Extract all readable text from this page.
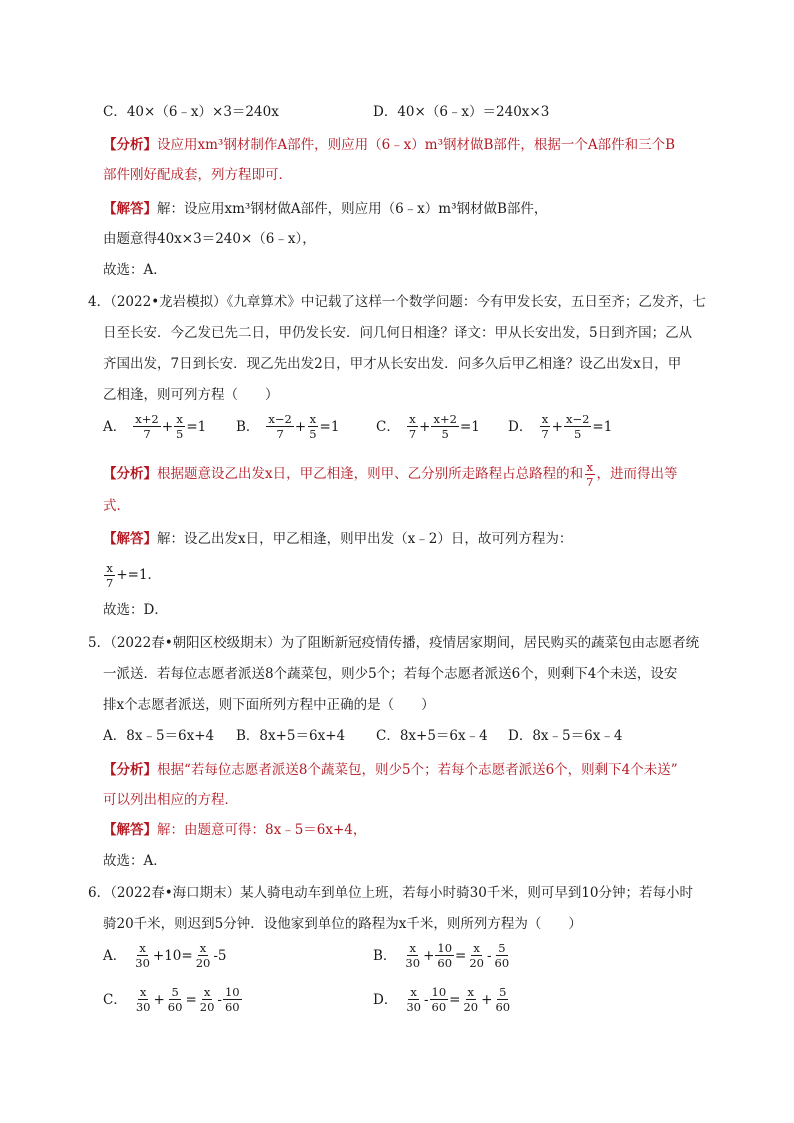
C．40×（6﹣x）×3＝240x	D．40×（6﹣x）＝240x×3
【分析】设应用xm³钢材制作A部件，则应用（6﹣x）m³钢材做B部件，根据一个A部件和三个B
部件刚好配成套，列方程即可．
【解答】解：设应用xm³钢材做A部件，则应用（6﹣x）m³钢材做B部件，
由题意得40x×3＝240×（6﹣x），
故选：A．
4．（2022•龙岩模拟）《九章算术》中记载了这样一个数学问题：今有甲发长安，五日至齐；乙发齐，七
日至长安．今乙发已先二日，甲仍发长安．问几何日相逢？译文：甲从长安出发，5日到齐国；乙从
齐国出发，7日到长安．现乙先出发2日，甲才从长安出发．问多久后甲乙相逢？设乙出发x日，甲
乙相逢，则可列方程（　　）
A． $\frac{x+2}{7} + \frac{x}{5} =1$ B． $\frac{x-2}{7} + \frac{x}{5} =1$	C． $\frac{x}{7} + \frac{x+2}{5} =1$ D． $\frac{x}{7} + \frac{x-2}{5} =1$
【分析】 根据题意设乙出发x日，甲乙相逢，则甲、乙分别所走路程占总路程的和 $\frac{x}{7}$ ，进而得出等
式．
【解答】解：设乙出发x日，甲乙相逢，则甲出发（x﹣2）日，故可列方程为：
$\frac{x}{7} +=1$．
故选：D．
5．（2022春•朝阳区校级期末）为了阻断新冠疫情传播，疫情居家期间，居民购买的蔬菜包由志愿者统
一派送．若每位志愿者派送8个蔬菜包，则少5个；若每个志愿者派送6个，则剩下4个未送，设安
排x个志愿者派送，则下面所列方程中正确的是（　　）
A．8x﹣5＝6x+4 B．8x+5＝6x+4 C．8x+5＝6x﹣4 D．8x﹣5＝6x﹣4
【分析】根据“若每位志愿者派送8个蔬菜包，则少5个；若每个志愿者派送6个，则剩下4个未送”
可以列出相应的方程．
【解答】解：由题意可得：8x﹣5＝6x+4，
故选：A．
6．（2022春•海口期末）某人骑电动车到单位上班，若每小时骑30千米，则可早到10分钟；若每小时
骑20千米，则迟到5分钟．设他家到单位的路程为x千米，则所列方程为（　　）
A． $\frac{x}{30} +10= \frac{x}{20} -5$	B． $\frac{x}{30} + \frac{10}{60} = \frac{x}{20} - \frac{5}{60}$
C． $\frac{x}{30} + \frac{5}{60} = \frac{x}{20} - \frac{10}{60}$	D． $\frac{x}{30} - \frac{10}{60} = \frac{x}{20} + \frac{5}{60}$
